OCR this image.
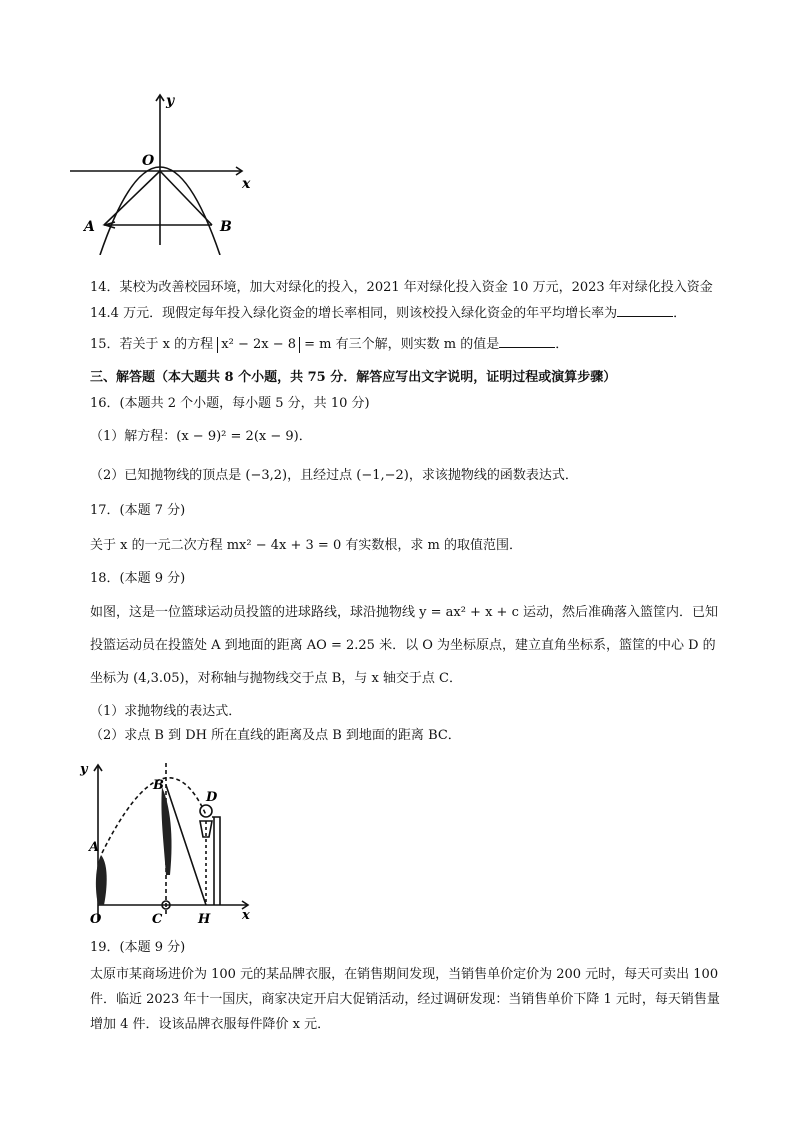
y
x
O
A	B
14．某校为改善校园环境，加大对绿化的投入，2021 年对绿化投入资金 10 万元，2023 年对绿化投入资金
14.4 万元．现假定每年投入绿化资金的增长率相同，则该校投入绿化资金的年平均增长率为	．
15．若关于 x 的方程 x² − 2x − 8 = m 有三个解，则实数 m 的值是	．
三、解答题（本大题共 8 个小题，共 75 分．解答应写出文字说明，证明过程或演算步骤）
16．(本题共 2 个小题，每小题 5 分，共 10 分)
（1）解方程：(x − 9)² = 2(x − 9)．
（2）已知抛物线的顶点是 (−3,2)，且经过点 (−1,−2)，求该抛物线的函数表达式．
17．(本题 7 分)
关于 x 的一元二次方程 mx² − 4x + 3 = 0 有实数根，求 m 的取值范围．
18．(本题 9 分)
如图，这是一位篮球运动员投篮的进球路线，球沿抛物线 y = ax² + x + c 运动，然后准确落入篮筐内．已知
投篮运动员在投篮处 A 到地面的距离 AO = 2.25 米．以 O 为坐标原点，建立直角坐标系，篮筐的中心 D 的
坐标为 (4,3.05)，对称轴与抛物线交于点 B，与 x 轴交于点 C．
（1）求抛物线的表达式．
（2）求点 B 到 DH 所在直线的距离及点 B 到地面的距离 BC．
y
x
O
A
B
C
D
H
19．(本题 9 分)
太原市某商场进价为 100 元的某品牌衣服，在销售期间发现，当销售单价定价为 200 元时，每天可卖出 100
件．临近 2023 年十一国庆，商家决定开启大促销活动，经过调研发现：当销售单价下降 1 元时，每天销售量
增加 4 件．设该品牌衣服每件降价 x 元．
